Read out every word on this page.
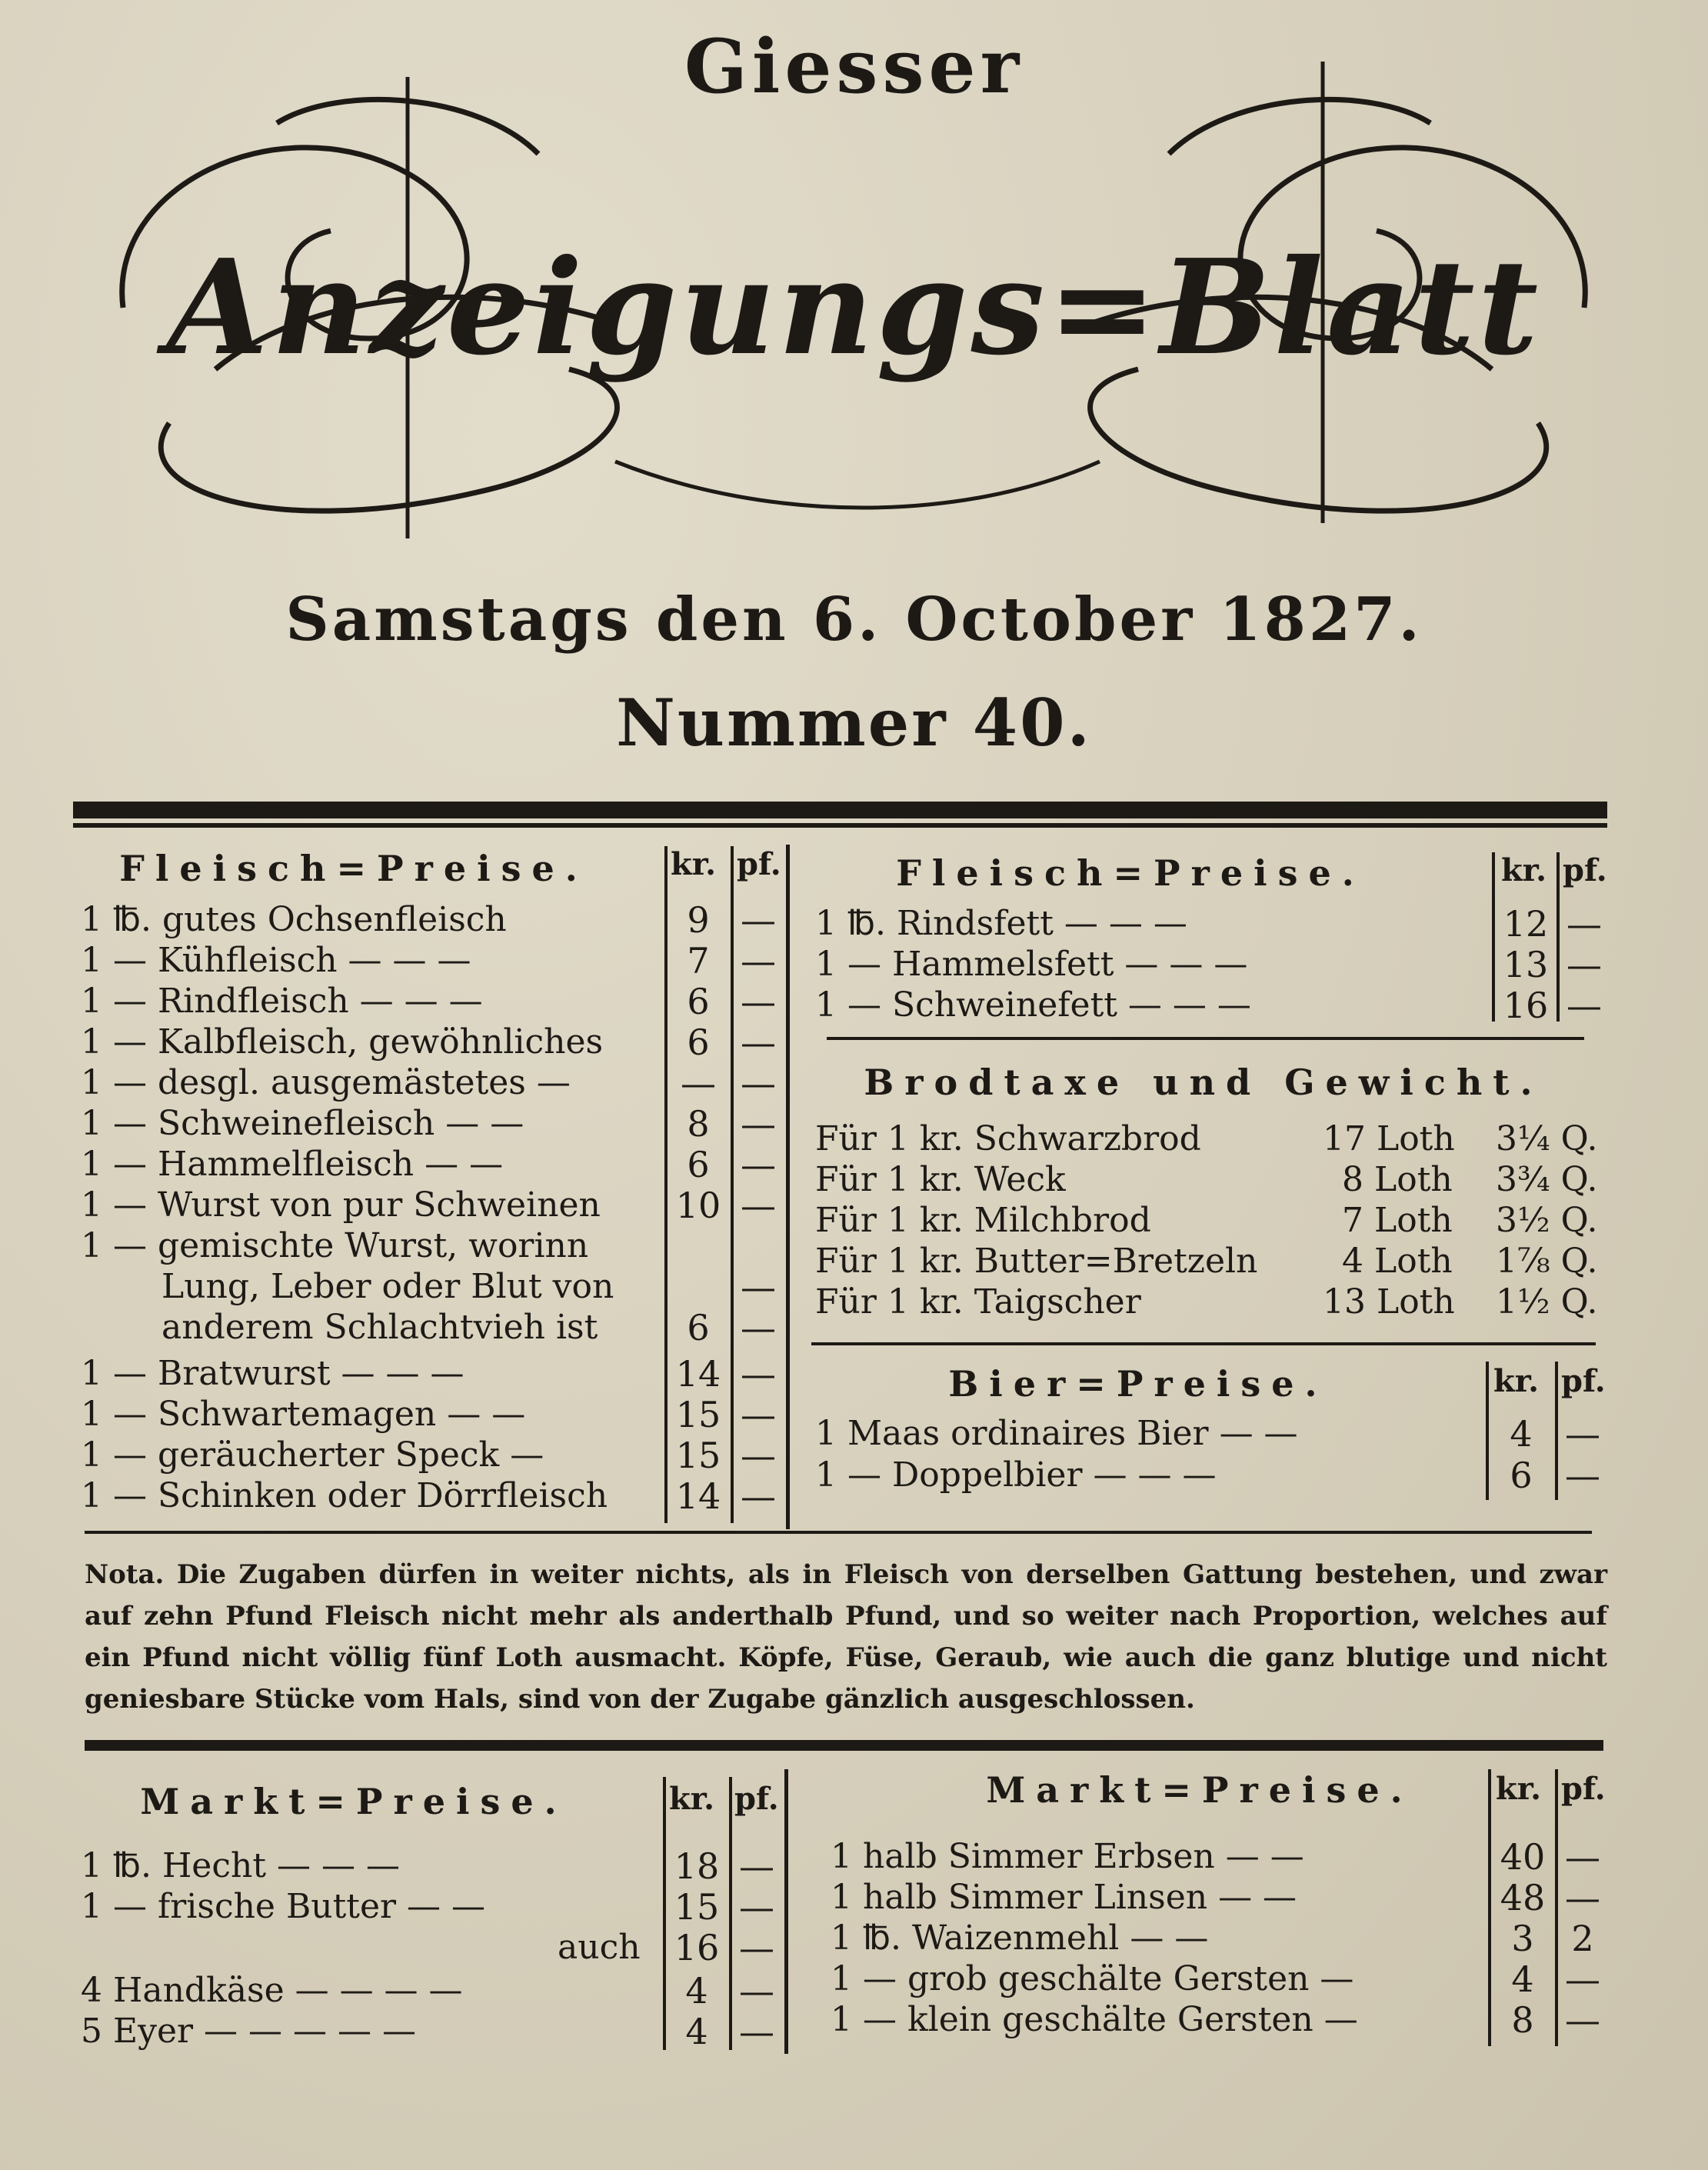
Giesser
Anzeigungs=Blatt
Samstags den 6. October 1827.
Nummer 40.
Fleisch=Preise.	kr. pf.
1 ℔. gutes Ochsenfleisch	9 —
1 — Kühfleisch — — —	7 —
1 — Rindfleisch — — —	6 —
1 — Kalbfleisch, gewöhnliches	6 —
1 — desgl. ausgemästetes —	— —
1 — Schweinefleisch — —	8 —
1 — Hammelfleisch — —	6 —
1 — Wurst von pur Schweinen 10 —
1 — gemischte Wurst, worinn
Lung, Leber oder Blut von	—
anderem Schlachtvieh ist	6 —
1 — Bratwurst — — —	14 —
1 — Schwartemagen — —	15 —
1 — geräucherter Speck —	15 —
1 — Schinken oder Dörrfleisch 14 —
Fleisch=Preise.	kr. pf.
1 ℔. Rindsfett — — —	12 —
1 — Hammelsfett — — —	13 —
1 — Schweinefett — — —	16 —
Brodtaxe und Gewicht.
Für 1 kr. Schwarzbrod	17 Loth 3¼ Q.
Für 1 kr. Weck	8 Loth 3¾ Q.
Für 1 kr. Milchbrod	7 Loth 3½ Q.
Für 1 kr. Butter=Bretzeln 4 Loth 1⅞ Q.
Für 1 kr. Taigscher	13 Loth 1½ Q.
Bier=Preise.	kr. pf.
1 Maas ordinaires Bier — —	4 —
1 — Doppelbier — — —	6 —
Nota. Die Zugaben dürfen in weiter nichts, als in Fleisch von derselben Gattung bestehen, und zwar auf zehn Pfund Fleisch nicht mehr als anderthalb Pfund, und so weiter nach Proportion, welches auf ein Pfund nicht völlig fünf Loth ausmacht. Köpfe, Füse, Geraub, wie auch die ganz blutige und nicht geniesbare Stücke vom Hals, sind von der Zugabe gänzlich ausgeschlossen.
Markt=Preise.	kr. pf.
1 ℔. Hecht — — —	18 —
1 — frische Butter — —	15 —
auch 16 —
4 Handkäse — — — —	4 —
5 Eyer — — — — —	4 —
Markt=Preise.	kr. pf.
1 halb Simmer Erbsen — —	40 —
1 halb Simmer Linsen — —	48 —
1 ℔. Waizenmehl — —	3	2
1 — grob geschälte Gersten —	4 —
1 — klein geschälte Gersten —	8 —
